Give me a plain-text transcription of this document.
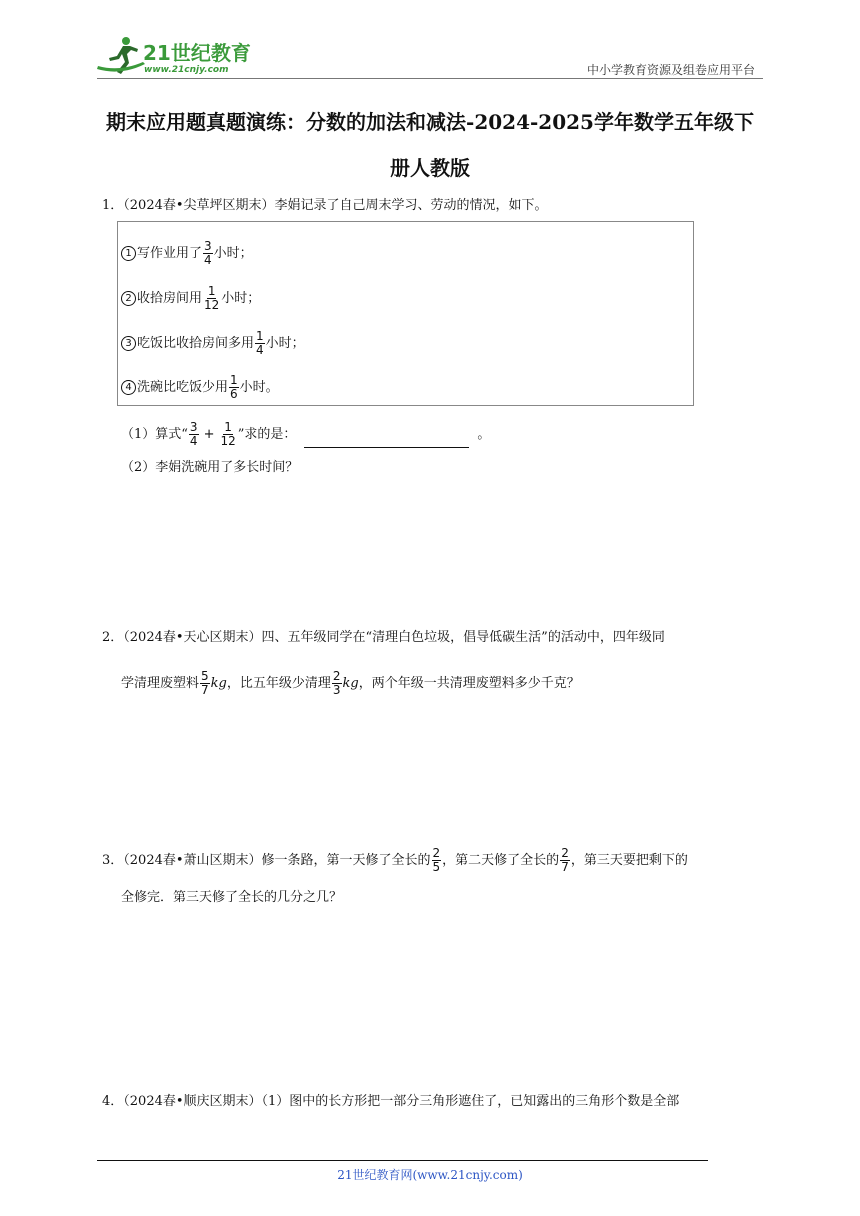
21世纪教育
www.21cnjy.com	中小学教育资源及组卷应用平台
期末应用题真题演练：分数的加法和减法-2024-2025学年数学五年级下
册人教版
1．（2024春•尖草坪区期末）李娟记录了自己周末学习、劳动的情况，如下。
1 写作业用了 $\frac{3}{4}$ 小时；
2 收拾房间用 $\frac{1}{12}$ 小时；
3 吃饭比收拾房间多用 $\frac{1}{4}$ 小时；
4 洗碗比吃饭少用 $\frac{1}{6}$ 小时。
（1）算式“ $\frac{3}{4} + \frac{1}{12}$ ”求的是：	。
（2）李娟洗碗用了多长时间？
2．（2024春•天心区期末）四、五年级同学在“清理白色垃圾，倡导低碳生活”的活动中，四年级同
学清理废塑料 $\frac{5}{7}$ kg，比五年级少清理 $\frac{2}{3}$ kg，两个年级一共清理废塑料多少千克？
3．（2024春•萧山区期末）修一条路，第一天修了全长的 $\frac{2}{5}$ ，第二天修了全长的 $\frac{2}{7}$ ，第三天要把剩下的
全修完．第三天修了全长的几分之几？
4．（2024春•顺庆区期末）（1）图中的长方形把一部分三角形遮住了，已知露出的三角形个数是全部
21世纪教育网(www.21cnjy.com)
